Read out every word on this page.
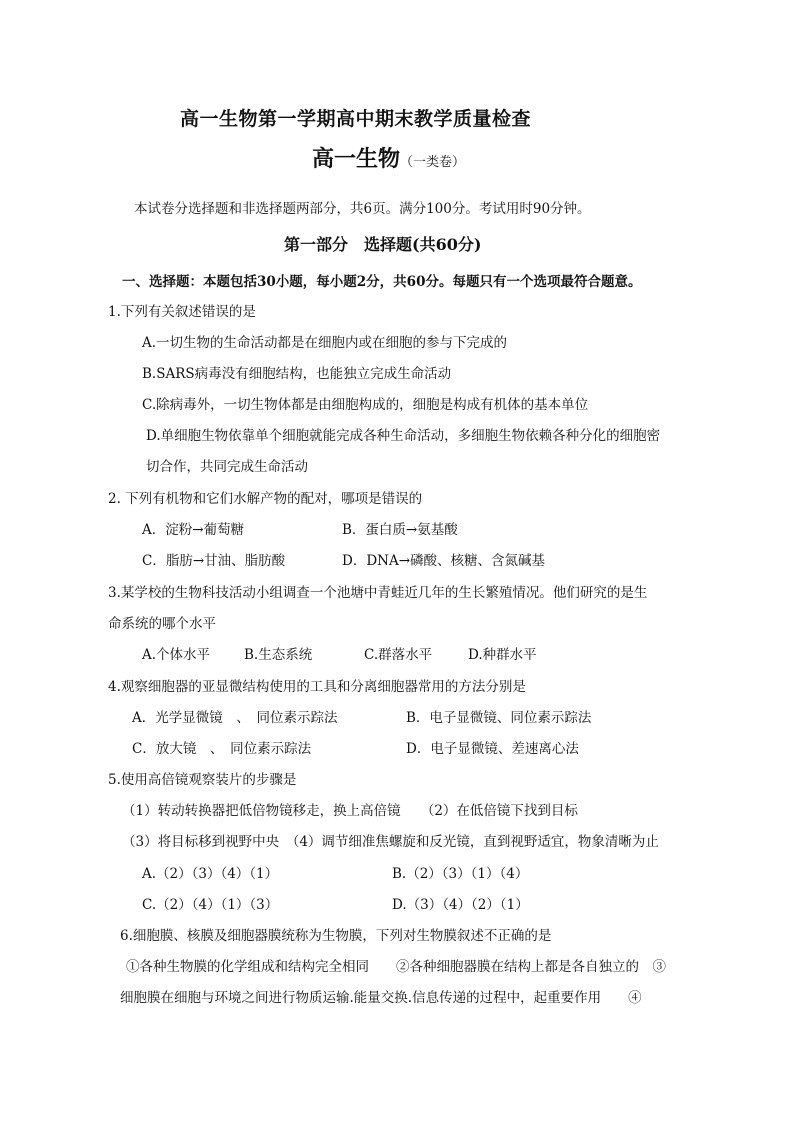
高一生物第一学期高中期末教学质量检查
高一生物（一类卷）
本试卷分选择题和非选择题两部分，共6页。满分100分。考试用时90分钟。
第一部分　选择题(共60分)
一、选择题：本题包括30小题，每小题2分，共60分。每题只有一个选项最符合题意。
1.下列有关叙述错误的是
A.一切生物的生命活动都是在细胞内或在细胞的参与下完成的
B.SARS病毒没有细胞结构，也能独立完成生命活动
C.除病毒外，一切生物体都是由细胞构成的，细胞是构成有机体的基本单位
D.单细胞生物依靠单个细胞就能完成各种生命活动，多细胞生物依赖各种分化的细胞密
切合作，共同完成生命活动
2. 下列有机物和它们水解产物的配对，哪项是错误的
A．淀粉→葡萄糖	B．蛋白质→氨基酸
C．脂肪→甘油、脂肪酸	D．DNA→磷酸、核糖、含氮碱基
3.某学校的生物科技活动小组调查一个池塘中青蛙近几年的生长繁殖情况。他们研究的是生
命系统的哪个水平
A.个体水平	B.生态系统	C.群落水平	D.种群水平
4.观察细胞器的亚显微结构使用的工具和分离细胞器常用的方法分别是
A．光学显微镜　、　同位素示踪法	B．电子显微镜、同位素示踪法
C．放大镜　、　同位素示踪法	D．电子显微镜、差速离心法
5.使用高倍镜观察装片的步骤是
（1）转动转换器把低倍物镜移走，换上高倍镜　　（2）在低倍镜下找到目标
（3）将目标移到视野中央　（4）调节细准焦螺旋和反光镜，直到视野适宜，物象清晰为止
A.（2）（3）（4）（1）	B.（2）（3）（1）（4）
C.（2）（4）（1）（3）	D.（3）（4）（2）（1）
6.细胞膜、核膜及细胞器膜统称为生物膜，下列对生物膜叙述不正确的是
①各种生物膜的化学组成和结构完全相同　　②各种细胞器膜在结构上都是各自独立的　③
细胞膜在细胞与环境之间进行物质运输.能量交换.信息传递的过程中，起重要作用　　④
